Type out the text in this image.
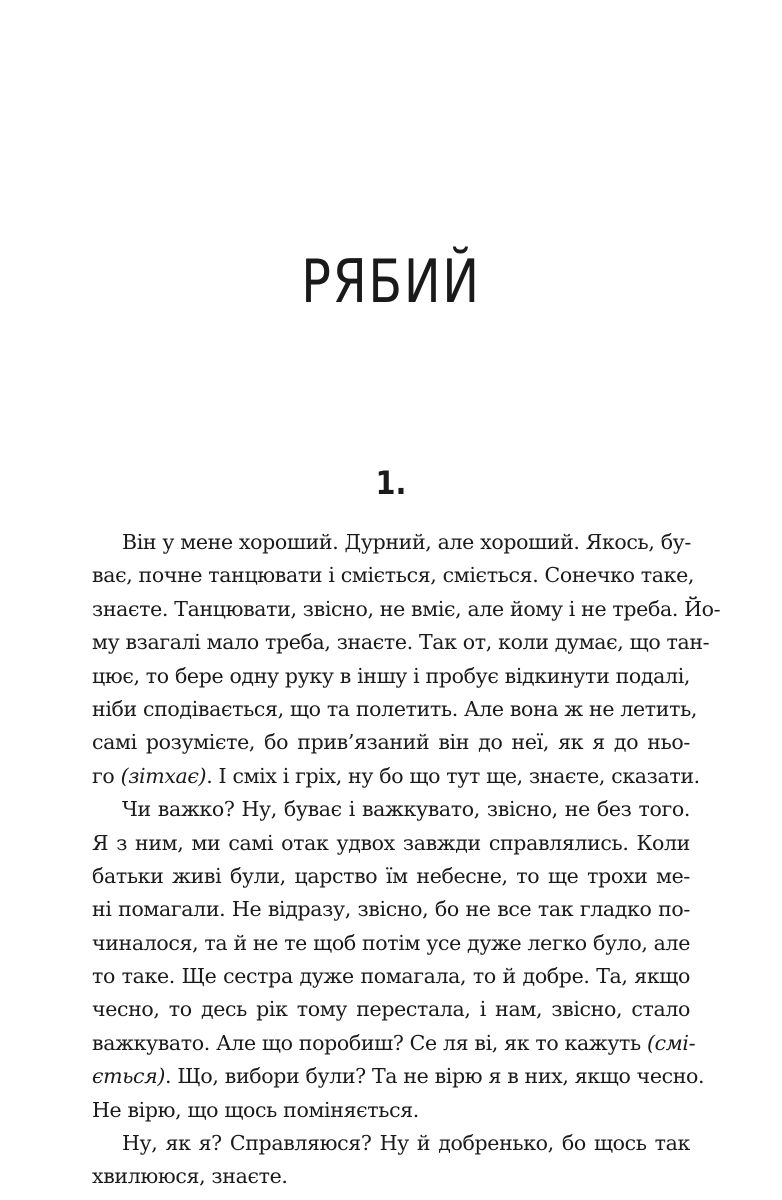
РЯБИЙ
1.
Він у мене хороший. Дурний, але хороший. Якось, бу-
ває, почне танцювати і сміється, сміється. Сонечко таке,
знаєте. Танцювати, звісно, не вміє, але йому і не треба. Йо-
му взагалі мало треба, знаєте. Так от, коли думає, що тан-
цює, то бере одну руку в іншу і пробує відкинути подалі,
ніби сподівається, що та полетить. Але вона ж не летить,
самі розумієте, бо прив’язаний він до неї, як я до ньо-
го (зітхає). І сміх і гріх, ну бо що тут ще, знаєте, сказати.
Чи важко? Ну, буває і важкувато, звісно, не без того.
Я з ним, ми самі отак удвох завжди справлялись. Коли
батьки живі були, царство їм небесне, то ще трохи ме-
ні помагали. Не відразу, звісно, бо не все так гладко по-
чиналося, та й не те щоб потім усе дуже легко було, але
то таке. Ще сестра дуже помагала, то й добре. Та, якщо
чесно, то десь рік тому перестала, і нам, звісно, стало
важкувато. Але що поробиш? Се ля ві, як то кажуть (смі-
ється). Що, вибори були? Та не вірю я в них, якщо чесно.
Не вірю, що щось поміняється.
Ну, як я? Справляюся? Ну й добренько, бо щось так
хвилююся, знаєте.
